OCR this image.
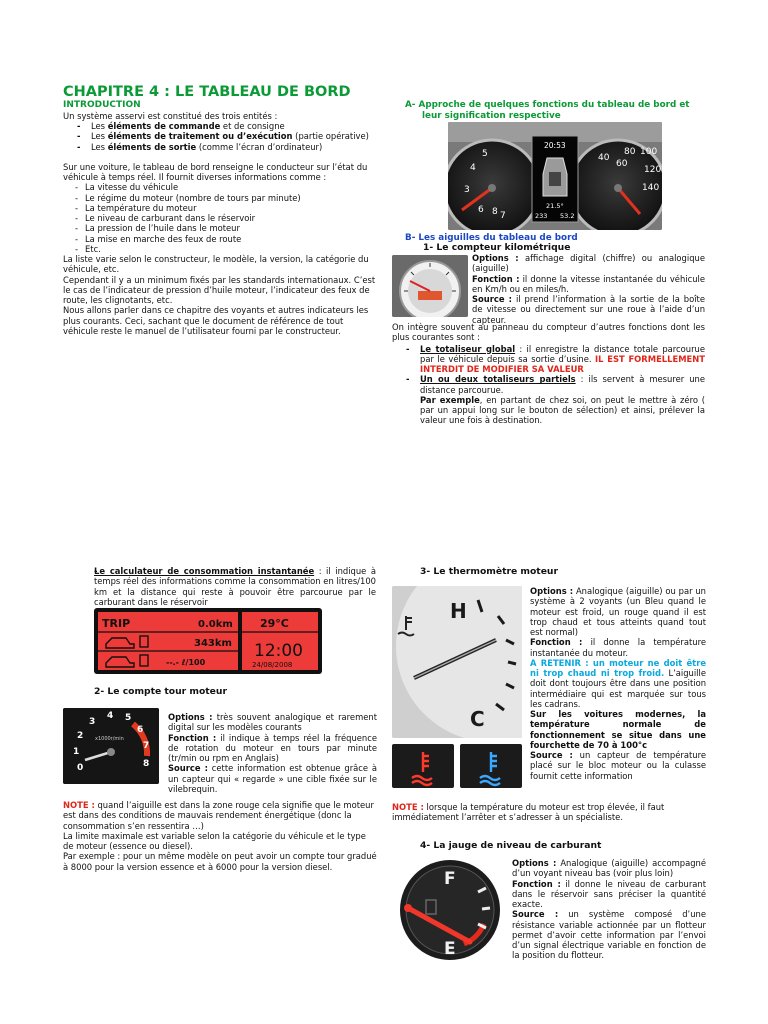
CHAPITRE 4 : LE TABLEAU DE BORD
INTRODUCTION
Un système asservi est constitué des trois entités :
- Les éléments de commande et de consigne
- Les éléments de traitement ou d’exécution (partie opérative)
- Les éléments de sortie (comme l’écran d’ordinateur)
Sur une voiture, le tableau de bord renseigne le conducteur sur l’état du véhicule à temps réel. Il fournit diverses informations comme :
- La vitesse du véhicule
- Le régime du moteur (nombre de tours par minute)
- La température du moteur
- Le niveau de carburant dans le réservoir
- La pression de l’huile dans le moteur
- La mise en marche des feux de route
- Etc.
La liste varie selon le constructeur, le modèle, la version, la catégorie du véhicule, etc.
Cependant il y a un minimum fixés par les standards internationaux. C’est le cas de l’indicateur de pression d’huile moteur, l’indicateur des feux de route, les clignotants, etc.
Nous allons parler dans ce chapitre des voyants et autres indicateurs les plus courants. Ceci, sachant que le document de référence de tout véhicule reste le manuel de l’utilisateur fourni par le constructeur.
A- Approche de quelques fonctions du tableau de bord et
leur signification respective
3
4
5
6
7
8
40
60
80 100
120
140
20:53
21.5°
233 53.2
B- Les aiguilles du tableau de bord
1- Le compteur kilométrique
Options : affichage digital (chiffre) ou analogique (aiguille)
Fonction : il donne la vitesse instantanée du véhicule en Km/h ou en miles/h.
Source : il prend l’information à la sortie de la boîte de vitesse ou directement sur une roue à l’aide d’un capteur.
On intègre souvent au panneau du compteur d’autres fonctions dont les plus courantes sont :
- Le totaliseur global : il enregistre la distance totale parcourue par le véhicule depuis sa sortie d’usine. IL EST FORMELLEMENT INTERDIT DE MODIFIER SA VALEUR
- Un ou deux totaliseurs partiels : ils servent à mesurer une distance parcourue.
Par exemple, en partant de chez soi, on peut le mettre à zéro ( par un appui long sur le bouton de sélection) et ainsi, prélever la valeur une fois à destination.
- Le calculateur de consommation instantanée : il indique à temps réel des informations comme la consommation en litres/100 km et la distance qui reste à pouvoir être parcourue par le carburant dans le réservoir
TRIP	0.0km
343km
--.- ℓ/100
29°C
12:00
24/08/2008
2- Le compte tour moteur
0
1
2
3
4 5
6
7
8
x1000r/min
Options : très souvent analogique et rarement digital sur les modèles courants
Fonction : il indique à temps réel la fréquence de rotation du moteur en tours par minute (tr/min ou rpm en Anglais)
Source : cette information est obtenue grâce à un capteur qui « regarde » une cible fixée sur le vilebrequin.
NOTE : quand l’aiguille est dans la zone rouge cela signifie que le moteur est dans des conditions de mauvais rendement énergétique (donc la consommation s’en ressentira …)
La limite maximale est variable selon la catégorie du véhicule et le type de moteur (essence ou diesel).
Par exemple : pour un même modèle on peut avoir un compte tour gradué à 8000 pour la version essence et à 6000 pour la version diesel.
3- Le thermomètre moteur
H
C
Options : Analogique (aiguille) ou par un système à 2 voyants (un Bleu quand le moteur est froid, un rouge quand il est trop chaud et tous atteints quand tout est normal)
Fonction : il donne la température instantanée du moteur.
A RETENIR : un moteur ne doit être ni trop chaud ni trop froid. L’aiguille doit dont toujours être dans une position intermédiaire qui est marquée sur tous les cadrans.
Sur les voitures modernes, la température normale de fonctionnement se situe dans une fourchette de 70 à 100°c
Source : un capteur de température placé sur le bloc moteur ou la culasse fournit cette information
NOTE : lorsque la température du moteur est trop élevée, il faut immédiatement l’arrêter et s’adresser à un spécialiste.
4- La jauge de niveau de carburant
F
E
Options : Analogique (aiguille) accompagné d’un voyant niveau bas (voir plus loin)
Fonction : il donne le niveau de carburant dans le réservoir sans préciser la quantité exacte.
Source : un système composé d’une résistance variable actionnée par un flotteur permet d’avoir cette information par l’envoi d’un signal électrique variable en fonction de la position du flotteur.
